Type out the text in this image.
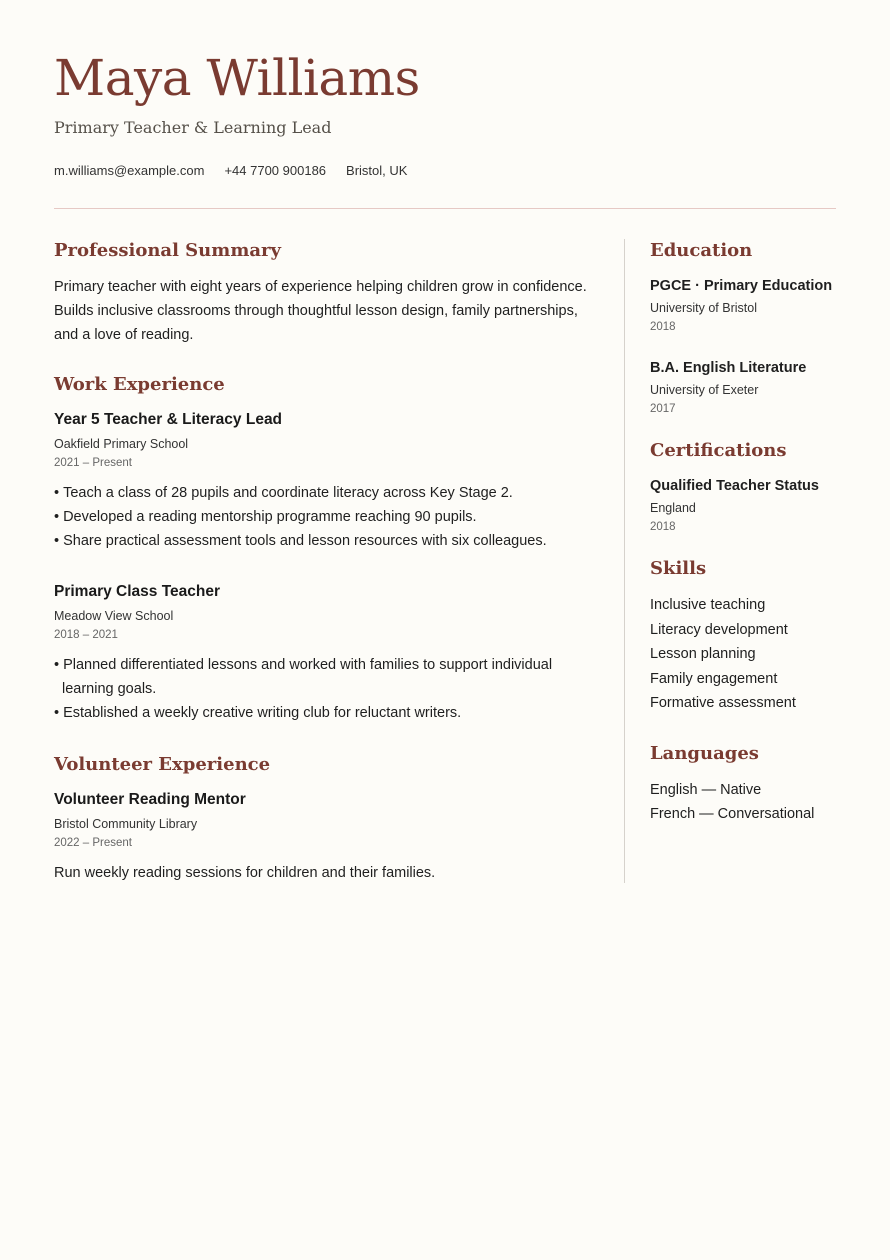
Maya Williams
Primary Teacher & Learning Lead
m.williams@example.com +44 7700 900186 Bristol, UK
Professional Summary

Primary teacher with eight years of experience helping children grow in confidence. Builds inclusive classrooms through thoughtful lesson design, family partnerships, and a love of reading.

Work Experience
Year 5 Teacher & Literacy Lead
Oakfield Primary School
2021 – Present
• Teach a class of 28 pupils and coordinate literacy across Key Stage 2.
• Developed a reading mentorship programme reaching 90 pupils.
• Share practical assessment tools and lesson resources with six colleagues.
Primary Class Teacher
Meadow View School
2018 – 2021
• Planned differentiated lessons and worked with families to support individual learning goals.
• Established a weekly creative writing club for reluctant writers.
Volunteer Experience
Volunteer Reading Mentor
Bristol Community Library
2022 – Present

Run weekly reading sessions for children and their families.

Education
PGCE · Primary Education
University of Bristol
2018
B.A. English Literature
University of Exeter
2017
Certifications
Qualified Teacher Status
England
2018
Skills
Inclusive teaching
Literacy development
Lesson planning
Family engagement
Formative assessment
Languages
English — Native
French — Conversational
